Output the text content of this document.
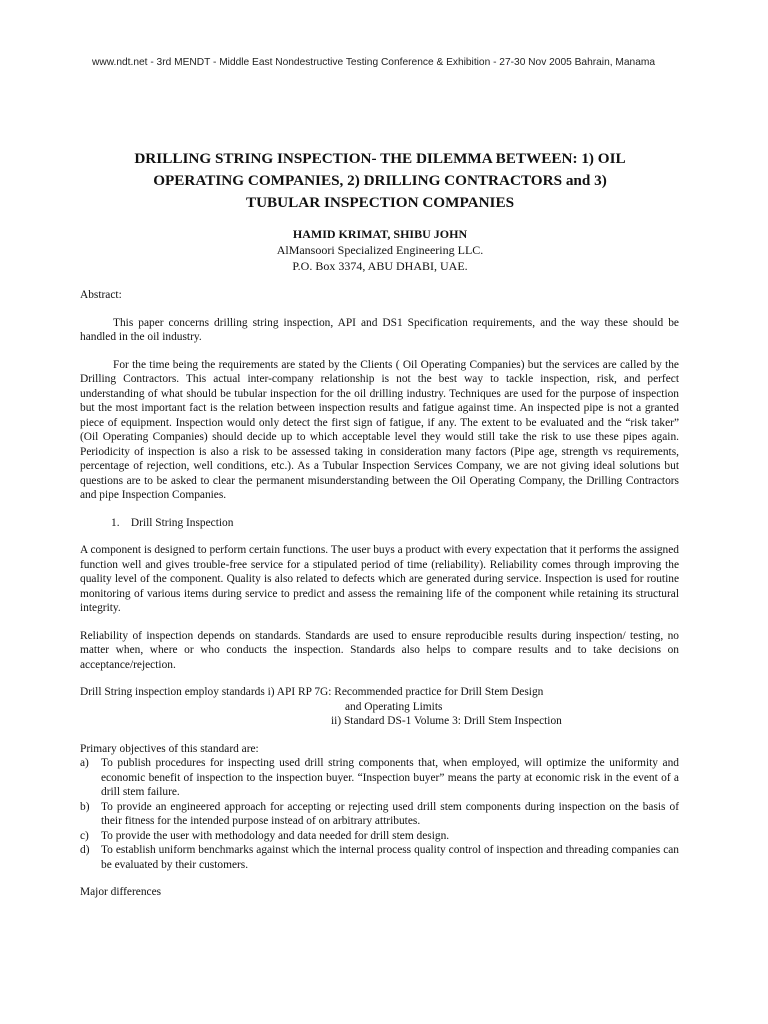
www.ndt.net - 3rd MENDT - Middle East Nondestructive Testing Conference & Exhibition - 27-30 Nov 2005 Bahrain, Manama
DRILLING STRING INSPECTION- THE DILEMMA BETWEEN: 1) OIL
OPERATING COMPANIES, 2) DRILLING CONTRACTORS and 3)
TUBULAR INSPECTION COMPANIES
HAMID KRIMAT, SHIBU JOHN
AlMansoori Specialized Engineering LLC.
P.O. Box 3374, ABU DHABI, UAE.

Abstract:

This paper concerns drilling string inspection, API and DS1 Specification requirements, and the way these should be handled in the oil industry.

For the time being the requirements are stated by the Clients ( Oil Operating Companies) but the services are called by the Drilling Contractors. This actual inter-company relationship is not the best way to tackle inspection, risk, and perfect understanding of what should be tubular inspection for the oil drilling industry. Techniques are used for the purpose of inspection but the most important fact is the relation between inspection results and fatigue against time. An inspected pipe is not a granted piece of equipment. Inspection would only detect the first sign of fatigue, if any. The extent to be evaluated and the “risk taker” (Oil Operating Companies) should decide up to which acceptable level they would still take the risk to use these pipes again. Periodicity of inspection is also a risk to be assessed taking in consideration many factors (Pipe age, strength vs requirements, percentage of rejection, well conditions, etc.). As a Tubular Inspection Services Company, we are not giving ideal solutions but questions are to be asked to clear the permanent misunderstanding between the Oil Operating Company, the Drilling Contractors and pipe Inspection Companies.

1.    Drill String Inspection

A component is designed to perform certain functions. The user buys a product with every expectation that it performs the assigned function well and gives trouble-free service for a stipulated period of time (reliability). Reliability comes through improving the quality level of the component. Quality is also related to defects which are generated during service. Inspection is used for routine monitoring of various items during service to predict and assess the remaining life of the component while retaining its structural integrity.

Reliability of inspection depends on standards. Standards are used to ensure reproducible results during inspection/ testing, no matter when, where or who conducts the inspection. Standards also helps to compare results and to take decisions on acceptance/rejection.

Drill String inspection employ standards i) API RP 7G: Recommended practice for Drill Stem Design
and Operating Limits
ii) Standard DS-1 Volume 3: Drill Stem Inspection

Primary objectives of this standard are:

a)	To publish procedures for inspecting used drill string components that, when employed, will optimize the uniformity and economic benefit of inspection to the inspection buyer. “Inspection buyer” means the party at economic risk in the event of a drill stem failure.
b)	To provide an engineered approach for accepting or rejecting used drill stem components during inspection on the basis of their fitness for the intended purpose instead of on arbitrary attributes.
c)	To provide the user with methodology and data needed for drill stem design.
d)	To establish uniform benchmarks against which the internal process quality control of inspection and threading companies can be evaluated by their customers.

Major differences
